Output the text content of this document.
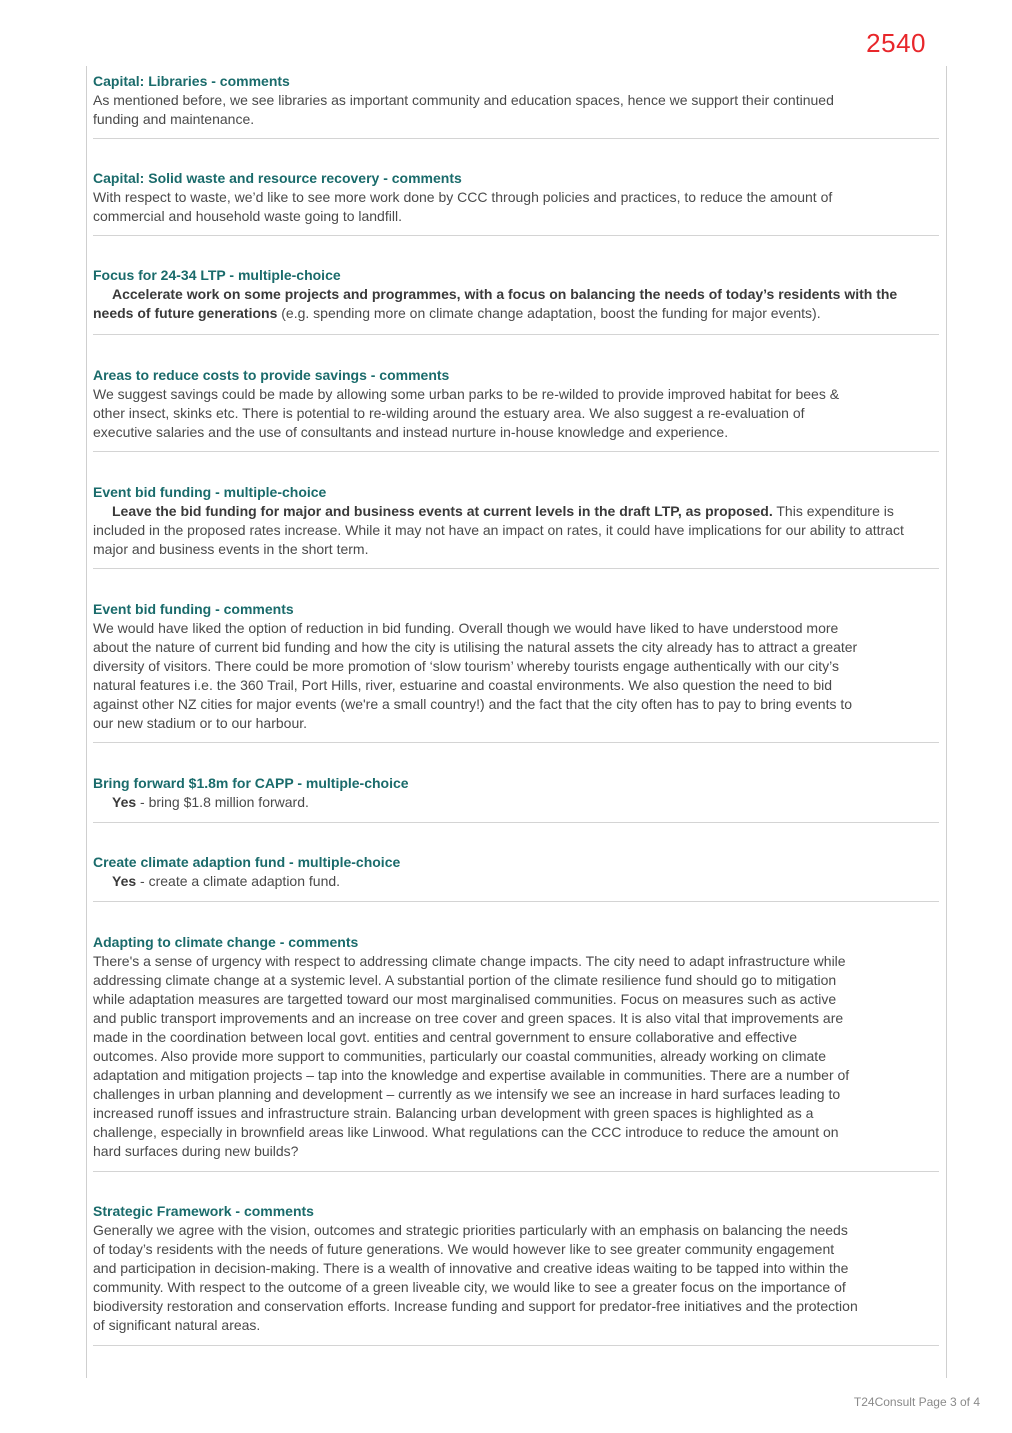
2540

Capital: Libraries - comments

As mentioned before, we see libraries as important community and education spaces, hence we support their continued funding and maintenance.

Capital: Solid waste and resource recovery - comments

With respect to waste, we’d like to see more work done by CCC through policies and practices, to reduce the amount of commercial and household waste going to landfill.

Focus for 24-34 LTP - multiple-choice

Accelerate work on some projects and programmes, with a focus on balancing the needs of today’s residents with the needs of future generations (e.g. spending more on climate change adaptation, boost the funding for major events).

Areas to reduce costs to provide savings - comments

We suggest savings could be made by allowing some urban parks to be re-wilded to provide improved habitat for bees & other insect, skinks etc. There is potential to re-wilding around the estuary area. We also suggest a re-evaluation of executive salaries and the use of consultants and instead nurture in-house knowledge and experience.

Event bid funding - multiple-choice

Leave the bid funding for major and business events at current levels in the draft LTP, as proposed. This expenditure is included in the proposed rates increase. While it may not have an impact on rates, it could have implications for our ability to attract major and business events in the short term.

Event bid funding - comments

We would have liked the option of reduction in bid funding. Overall though we would have liked to have understood more about the nature of current bid funding and how the city is utilising the natural assets the city already has to attract a greater diversity of visitors. There could be more promotion of ‘slow tourism’ whereby tourists engage authentically with our city’s natural features i.e. the 360 Trail, Port Hills, river, estuarine and coastal environments. We also question the need to bid against other NZ cities for major events (we're a small country!) and the fact that the city often has to pay to bring events to our new stadium or to our harbour.

Bring forward $1.8m for CAPP - multiple-choice

Yes - bring $1.8 million forward.

Create climate adaption fund - multiple-choice

Yes - create a climate adaption fund.

Adapting to climate change - comments

There's a sense of urgency with respect to addressing climate change impacts. The city need to adapt infrastructure while addressing climate change at a systemic level. A substantial portion of the climate resilience fund should go to mitigation while adaptation measures are targetted toward our most marginalised communities. Focus on measures such as active and public transport improvements and an increase on tree cover and green spaces. It is also vital that improvements are made in the coordination between local govt. entities and central government to ensure collaborative and effective outcomes. Also provide more support to communities, particularly our coastal communities, already working on climate adaptation and mitigation projects – tap into the knowledge and expertise available in communities. There are a number of challenges in urban planning and development – currently as we intensify we see an increase in hard surfaces leading to increased runoff issues and infrastructure strain. Balancing urban development with green spaces is highlighted as a challenge, especially in brownfield areas like Linwood. What regulations can the CCC introduce to reduce the amount on hard surfaces during new builds?

Strategic Framework - comments

Generally we agree with the vision, outcomes and strategic priorities particularly with an emphasis on balancing the needs of today’s residents with the needs of future generations. We would however like to see greater community engagement and participation in decision-making. There is a wealth of innovative and creative ideas waiting to be tapped into within the community. With respect to the outcome of a green liveable city, we would like to see a greater focus on the importance of biodiversity restoration and conservation efforts. Increase funding and support for predator-free initiatives and the protection of significant natural areas.

T24Consult Page 3 of 4
